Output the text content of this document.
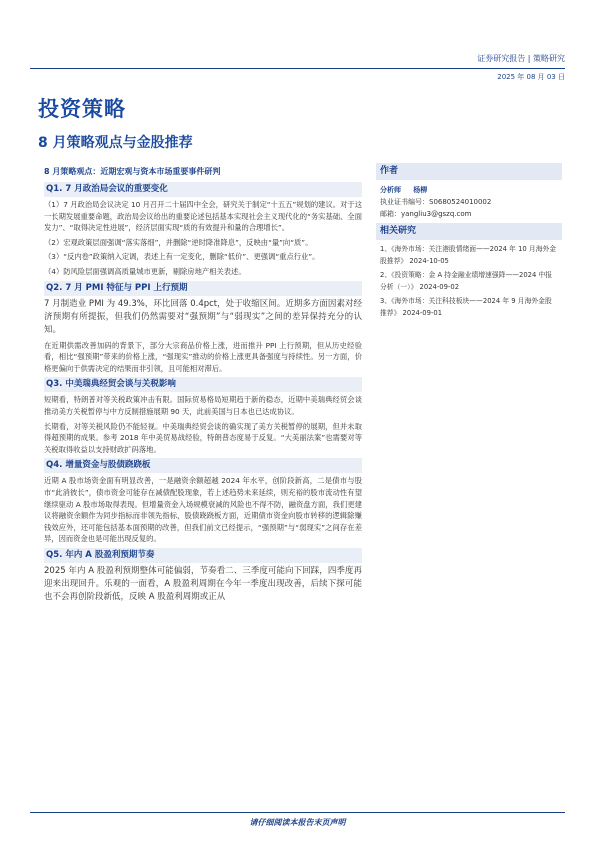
证券研究报告 | 策略研究
2025 年 08 月 03 日
投资策略
8 月策略观点与金股推荐
8 月策略观点：近期宏观与资本市场重要事件研判
Q1. 7 月政治局会议的重要变化
（1）7 月政治局会议决定 10 月召开二十届四中全会，研究关于制定“十五五”规划的建议。对于这一长期发展重要命题，政治局会议给出的重要论述包括基本实现社会主义现代化的“务实基础、全面发力”、“取得决定性进展”，经济层面实现“质的有效提升和量的合理增长”。
（2）宏观政策层面强调“落实落细”，并删除“逆时降准降息”，反映由“量”向“质”。
（3）“反内卷”政策纳入定调，表述上有一定变化，删除“低价”、更强调“重点行业”。
（4）防风险层面强调高质量城市更新，剔除房地产相关表述。
Q2. 7 月 PMI 特征与 PPI 上行预期
7 月制造业 PMI 为 49.3%，环比回落 0.4pct，处于收缩区间。近期多方面因素对经济预期有所提振，但我们仍然需要对“强预期”与“弱现实”之间的差异保持充分的认知。
在近期供需改善加码的背景下，部分大宗商品价格上涨，进而推升 PPI 上行预期，但从历史经验看，相比“强预期”带来的价格上涨，“强现实”推动的价格上涨更具备强度与持续性。另一方面，价格更偏向于供需决定的结果而非引领，且可能相对滞后。
Q3. 中美瑞典经贸会谈与关税影响
短期看，特朗普对等关税政策冲击有限。国际贸易格局短期趋于新的稳态，近期中美瑞典经贸会谈推动美方关税暂停与中方反制措施展期 90 天，此前美国与日本也已达成协议。
长期看，对等关税风险仍不能轻视。中美瑞典经贸会谈的确实现了美方关税暂停的展期，但并未取得超预期的成果。参考 2018 年中美贸易战经验，特朗普态度易于反复。“大美丽法案”也需要对等关税取得收益以支持财政扩码落地。
Q4. 增量资金与股债跷跷板
近期 A 股市场资金面有明显改善，一是融资余额超越 2024 年水平，创阶段新高，二是债市与股市“此消彼长”，债市资金可能存在减债配股现象，若上述趋势未来延续，则充裕的股市流动性有望继续驱动 A 股市场取得表现。但增量资金入场规模衰减的风险也不得不防，融资盘方面，我们更建议将融资余额作为同步指标而非领先指标，股债跷跷板方面，近期债市资金向股市转移的逻辑除赚钱效应外，还可能包括基本面预期的改善，但我们前文已经提示，“强预期”与“弱现实”之间存在差异，因而资金也是可能出现反复的。
Q5. 年内 A 股盈利预期节奏
2025 年内 A 股盈利预期整体可能偏弱，节奏看二、三季度可能向下回踩，四季度再迎来出现回升。乐观的一面看，A 股盈利周期在今年一季度出现改善，后续下探可能也不会再创阶段新低，反映 A 股盈利周期或正从
作者
分析师 杨柳
执业证书编号：S0680524010002
邮箱：yangliu3@gszq.com
相关研究
1、《海外市场：关注港股情绪面——2024 年 10 月海外金股推荐》 2024-10-05
2、《投资策略：金 A 持金融业绩增速强降——2024 中报分析（一）》 2024-09-02
3、《海外市场：关注科技板块——2024 年 9 月海外金股推荐》 2024-09-01
请仔细阅读本报告末页声明
